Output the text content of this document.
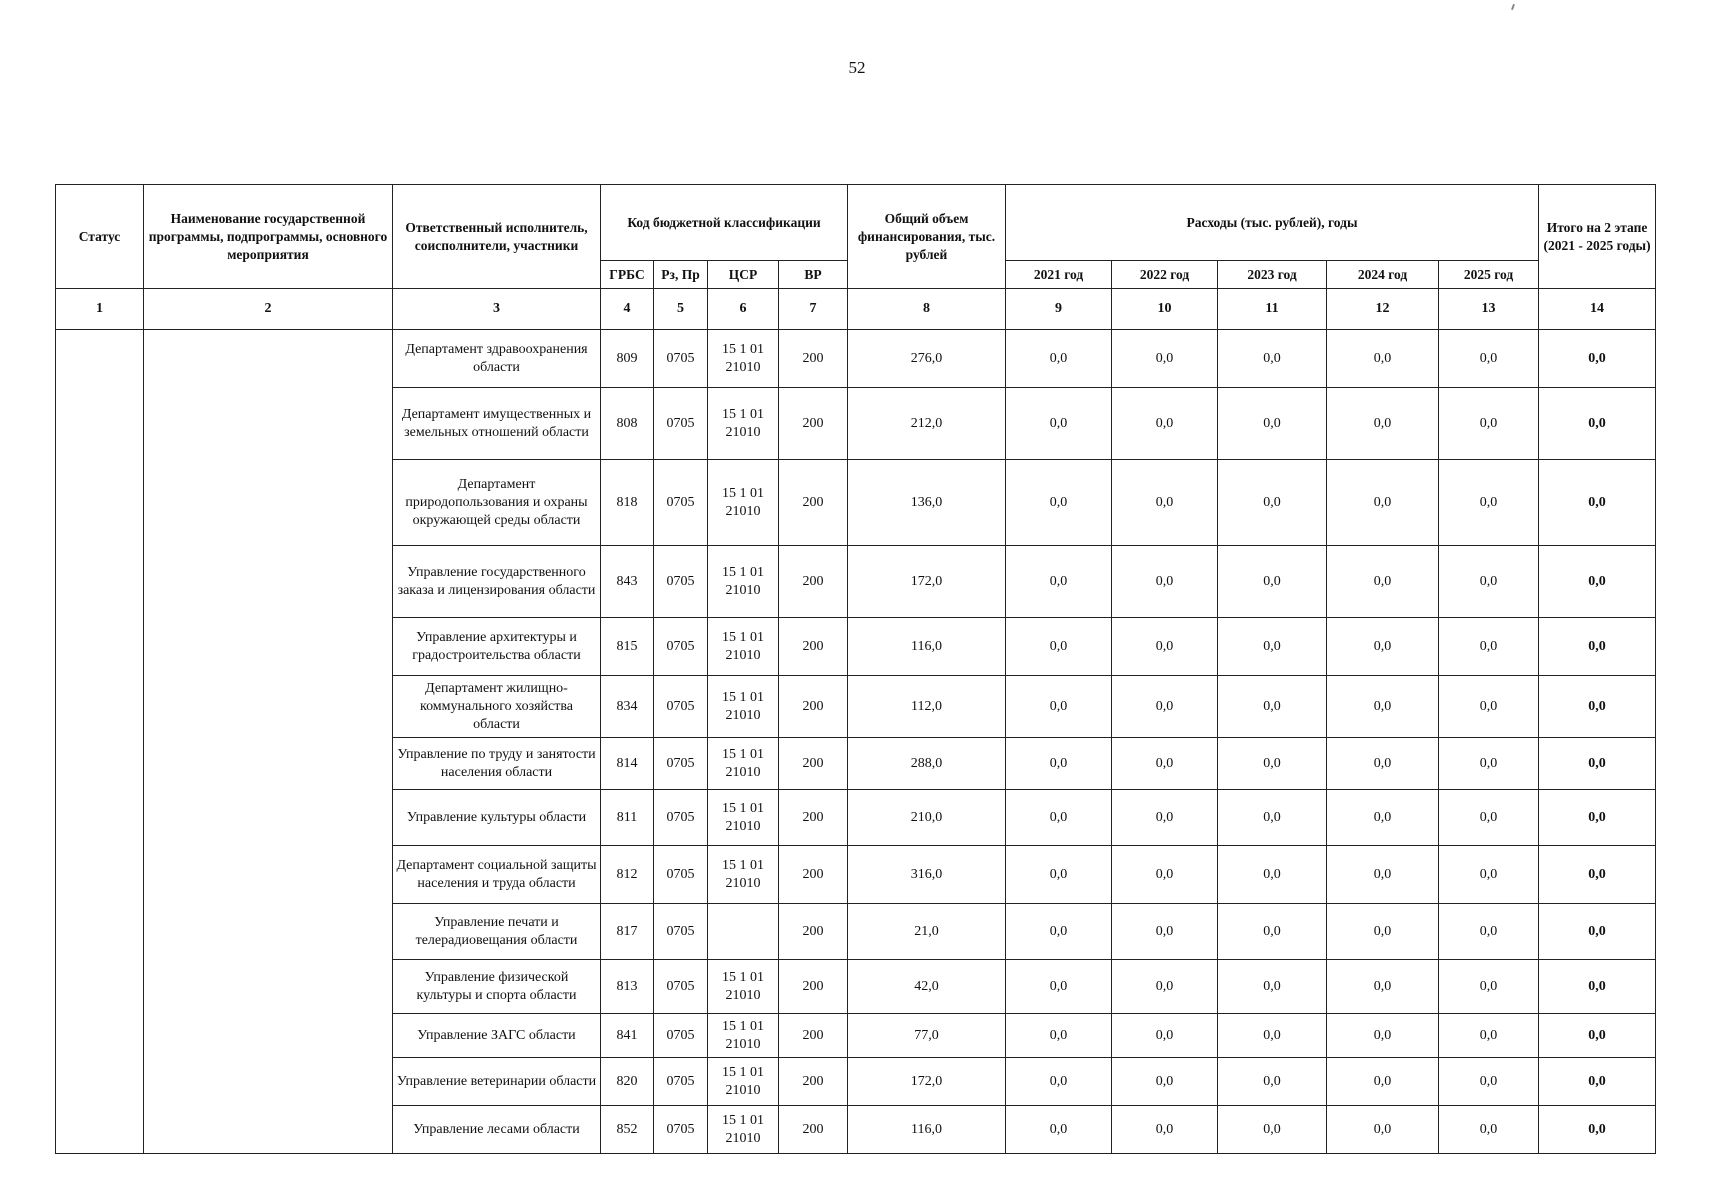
52
Статус	Наименование государственной программы, подпрограммы, основного мероприятия	Ответственный исполнитель, соисполнители, участники	Код бюджетной классификации				Общий объем финансирования, тыс. рублей	Расходы (тыс. рублей), годы					Итого на 2 этапе (2021 - 2025 годы)
			ГРБС	Рз, Пр	ЦСР	ВР		2021 год	2022 год	2023 год	2024 год	2025 год	
1	2	3	4	5	6	7	8	9	10	11	12	13	14
		Департамент здравоохранения области	809	0705	15 1 01 21010	200	276,0	0,0	0,0	0,0	0,0	0,0	0,0
		Департамент имущественных и земельных отношений области	808	0705	15 1 01 21010	200	212,0	0,0	0,0	0,0	0,0	0,0	0,0
		Департамент природопользования и охраны окружающей среды области	818	0705	15 1 01 21010	200	136,0	0,0	0,0	0,0	0,0	0,0	0,0
		Управление государственного заказа и лицензирования области	843	0705	15 1 01 21010	200	172,0	0,0	0,0	0,0	0,0	0,0	0,0
		Управление архитектуры и градостроительства области	815	0705	15 1 01 21010	200	116,0	0,0	0,0	0,0	0,0	0,0	0,0
		Департамент жилищно-коммунального хозяйства области	834	0705	15 1 01 21010	200	112,0	0,0	0,0	0,0	0,0	0,0	0,0
		Управление по труду и занятости населения области	814	0705	15 1 01 21010	200	288,0	0,0	0,0	0,0	0,0	0,0	0,0
		Управление культуры области	811	0705	15 1 01 21010	200	210,0	0,0	0,0	0,0	0,0	0,0	0,0
		Департамент социальной защиты населения и труда области	812	0705	15 1 01 21010	200	316,0	0,0	0,0	0,0	0,0	0,0	0,0
		Управление печати и телерадиовещания области	817	0705		200	21,0	0,0	0,0	0,0	0,0	0,0	0,0
		Управление физической культуры и спорта области	813	0705	15 1 01 21010	200	42,0	0,0	0,0	0,0	0,0	0,0	0,0
		Управление ЗАГС области	841	0705	15 1 01 21010	200	77,0	0,0	0,0	0,0	0,0	0,0	0,0
		Управление ветеринарии области	820	0705	15 1 01 21010	200	172,0	0,0	0,0	0,0	0,0	0,0	0,0
		Управление лесами области	852	0705	15 1 01 21010	200	116,0	0,0	0,0	0,0	0,0	0,0	0,0
